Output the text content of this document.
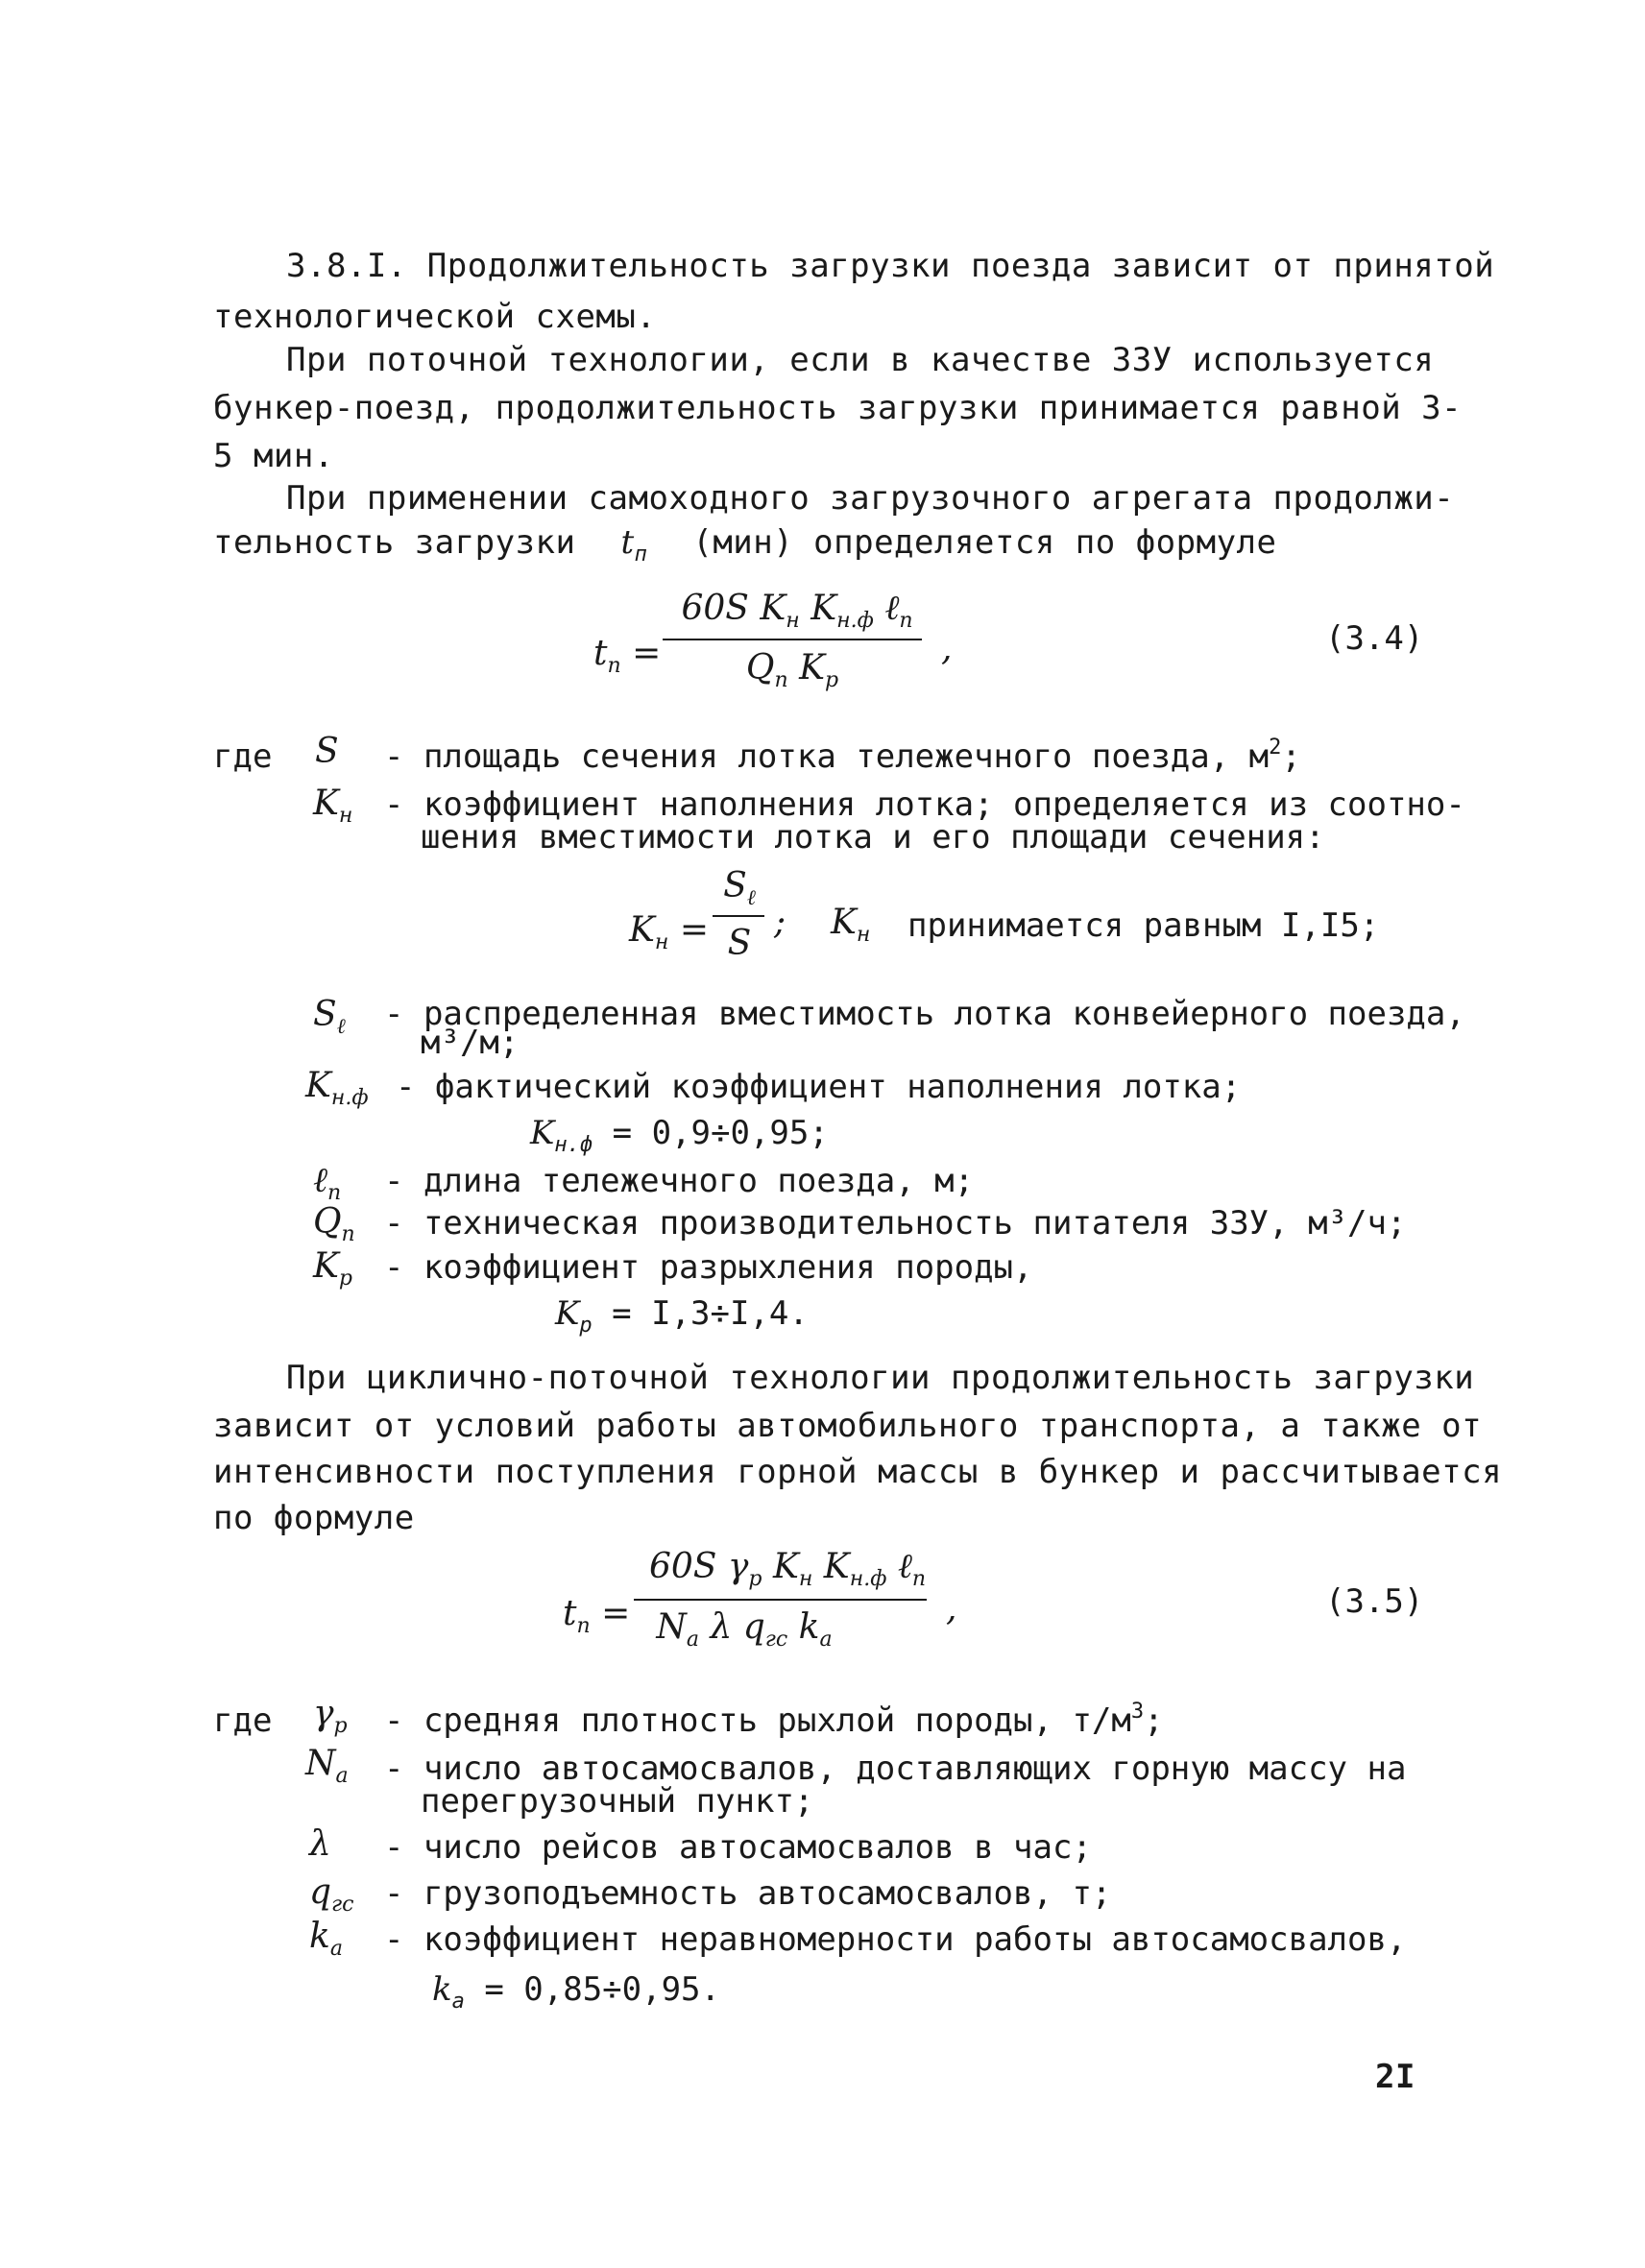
3.8.I. Продолжительность загрузки поезда зависит от принятой
технологической схемы.
При поточной технологии, если в качестве ЗЗУ используется
бункер-поезд, продолжительность загрузки принимается равной 3-
5 мин.
При применении самоходного загрузочного агрегата продолжи-
тельность загрузки $t_п$ (мин) определяется по формуле
$t_п$ =
60S $K_н$ $K_{н.ф}$ ℓ$_п$
$Q_п$ $K_р$
,	(3.4)
где S - площадь сечения лотка тележечного поезда, $м^2$;
$K_н$ - коэффициент наполнения лотка; определяется из соотно-
шения вместимости лотка и его площади сечения:
$K_н$ =
$S_\ell$
S
; $K_н$ принимается равным I,I5;
$S_\ell$ - распределенная вместимость лотка конвейерного поезда,
м³/м;
$K_{н.ф}$ - фактический коэффициент наполнения лотка;
$K_{н.ф} = 0,9\div 0,95$;
ℓ$_п$ - длина тележечного поезда, м;
$Q_п$ - техническая производительность питателя ЗЗУ, м³/ч;
$K_р$ - коэффициент разрыхления породы,
$K_р = I,3\div I,4$.
При циклично-поточной технологии продолжительность загрузки
зависит от условий работы автомобильного транспорта, а также от
интенсивности поступления горной массы в бункер и рассчитывается
по формуле
$t_п$ =
60S $\gamma_р$ $K_н$ $K_{н.ф}$ ℓ$_п$
$N_а$ λ $q_{гс}$ $k_а$
,	(3.5)
где $\gamma_р$ - средняя плотность рыхлой породы, $т/м^3$;
$N_а$ - число автосамосвалов, доставляющих горную массу на
перегрузочный пункт;
λ - число рейсов автосамосвалов в час;
$q_{гс}$ - грузоподъемность автосамосвалов, т;
$k_а$ - коэффициент неравномерности работы автосамосвалов,
$k_а = 0,85\div 0,95$.
2I
